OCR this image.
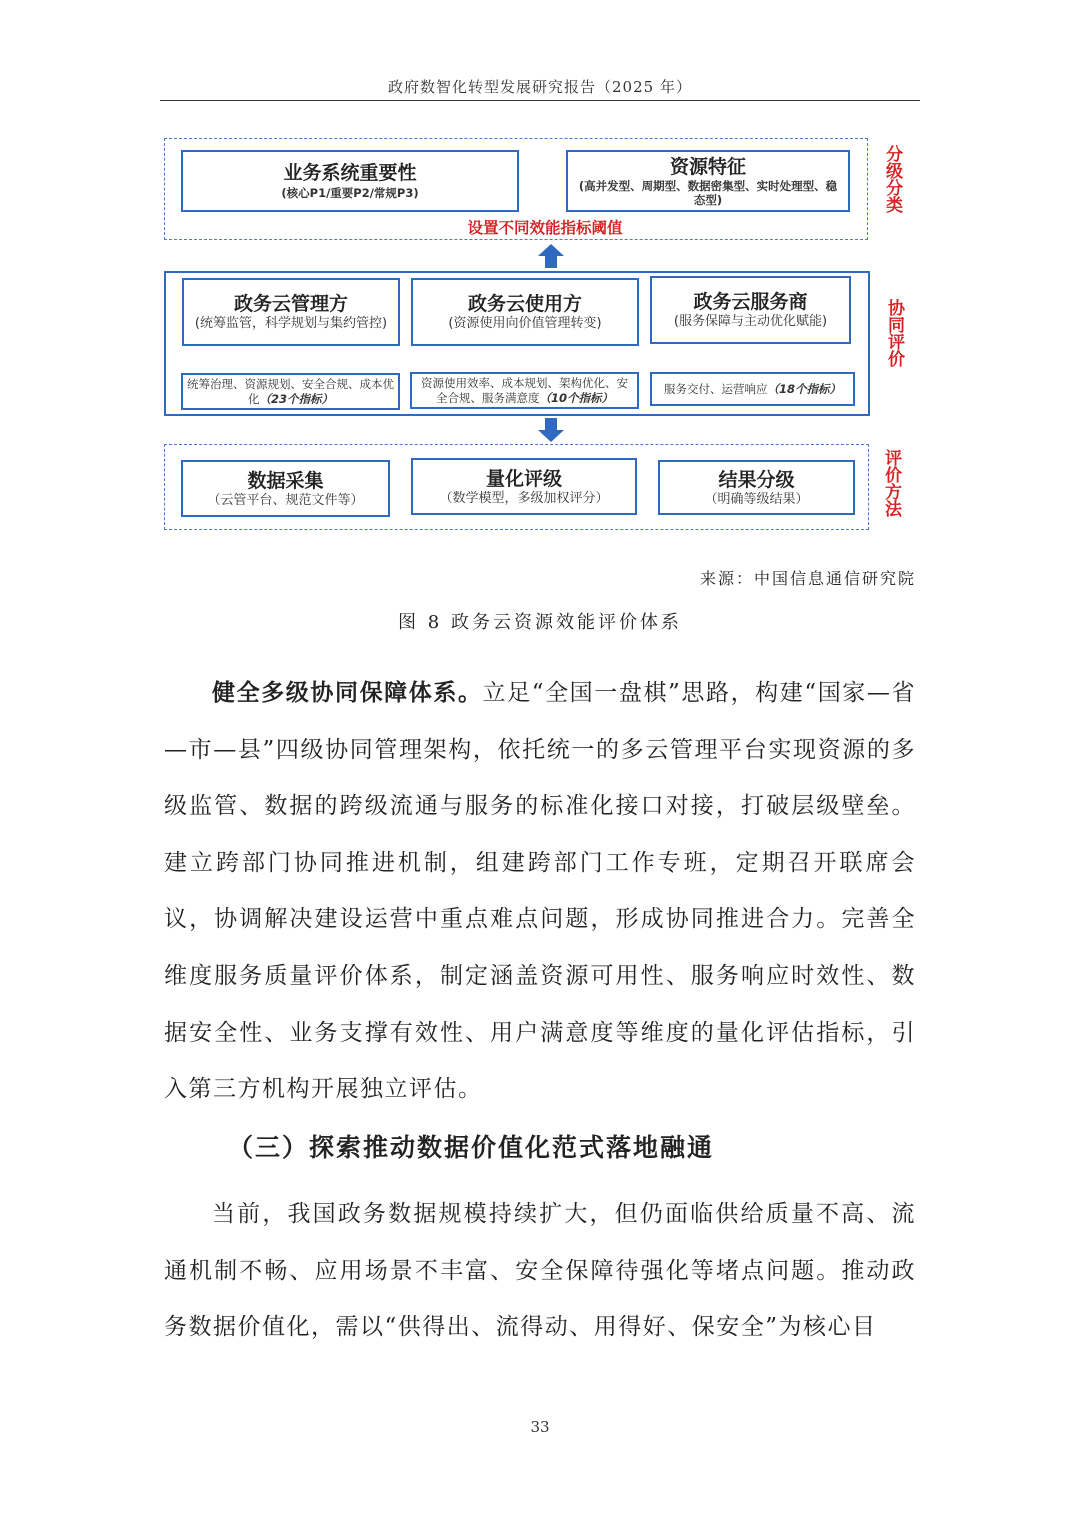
政府数智化转型发展研究报告（2025 年）
业务系统重要性
(核心P1/重要P2/常规P3)
资源特征
(高并发型、周期型、数据密集型、实时处理型、稳态型)
设置不同效能指标阈值
分级分类
政务云管理方
(统筹监管，科学规划与集约管控)
政务云使用方
(资源使用向价值管理转变)
政务云服务商
(服务保障与主动优化赋能)
统筹治理、资源规划、安全合规、成本优化（23个指标）
资源使用效率、成本规划、架构优化、安全合规、服务满意度（10个指标）
服务交付、运营响应（18个指标）
协同评价
数据采集
（云管平台、规范文件等）
量化评级
（数学模型，多级加权评分）
结果分级
（明确等级结果）	评价方法
来源：中国信息通信研究院
图 8 政务云资源效能评价体系
健全多级协同保障体系。立足“全国一盘棋”思路，构建“国家—省—市—县”四级协同管理架构，依托统一的多云管理平台实现资源的多级监管、数据的跨级流通与服务的标准化接口对接，打破层级壁垒。建立跨部门协同推进机制，组建跨部门工作专班，定期召开联席会议，协调解决建设运营中重点难点问题，形成协同推进合力。完善全维度服务质量评价体系，制定涵盖资源可用性、服务响应时效性、数据安全性、业务支撑有效性、用户满意度等维度的量化评估指标，引入第三方机构开展独立评估。
（三）探索推动数据价值化范式落地融通
当前，我国政务数据规模持续扩大，但仍面临供给质量不高、流通机制不畅、应用场景不丰富、安全保障待强化等堵点问题。推动政务数据价值化，需以“供得出、流得动、用得好、保安全”为核心目
33
